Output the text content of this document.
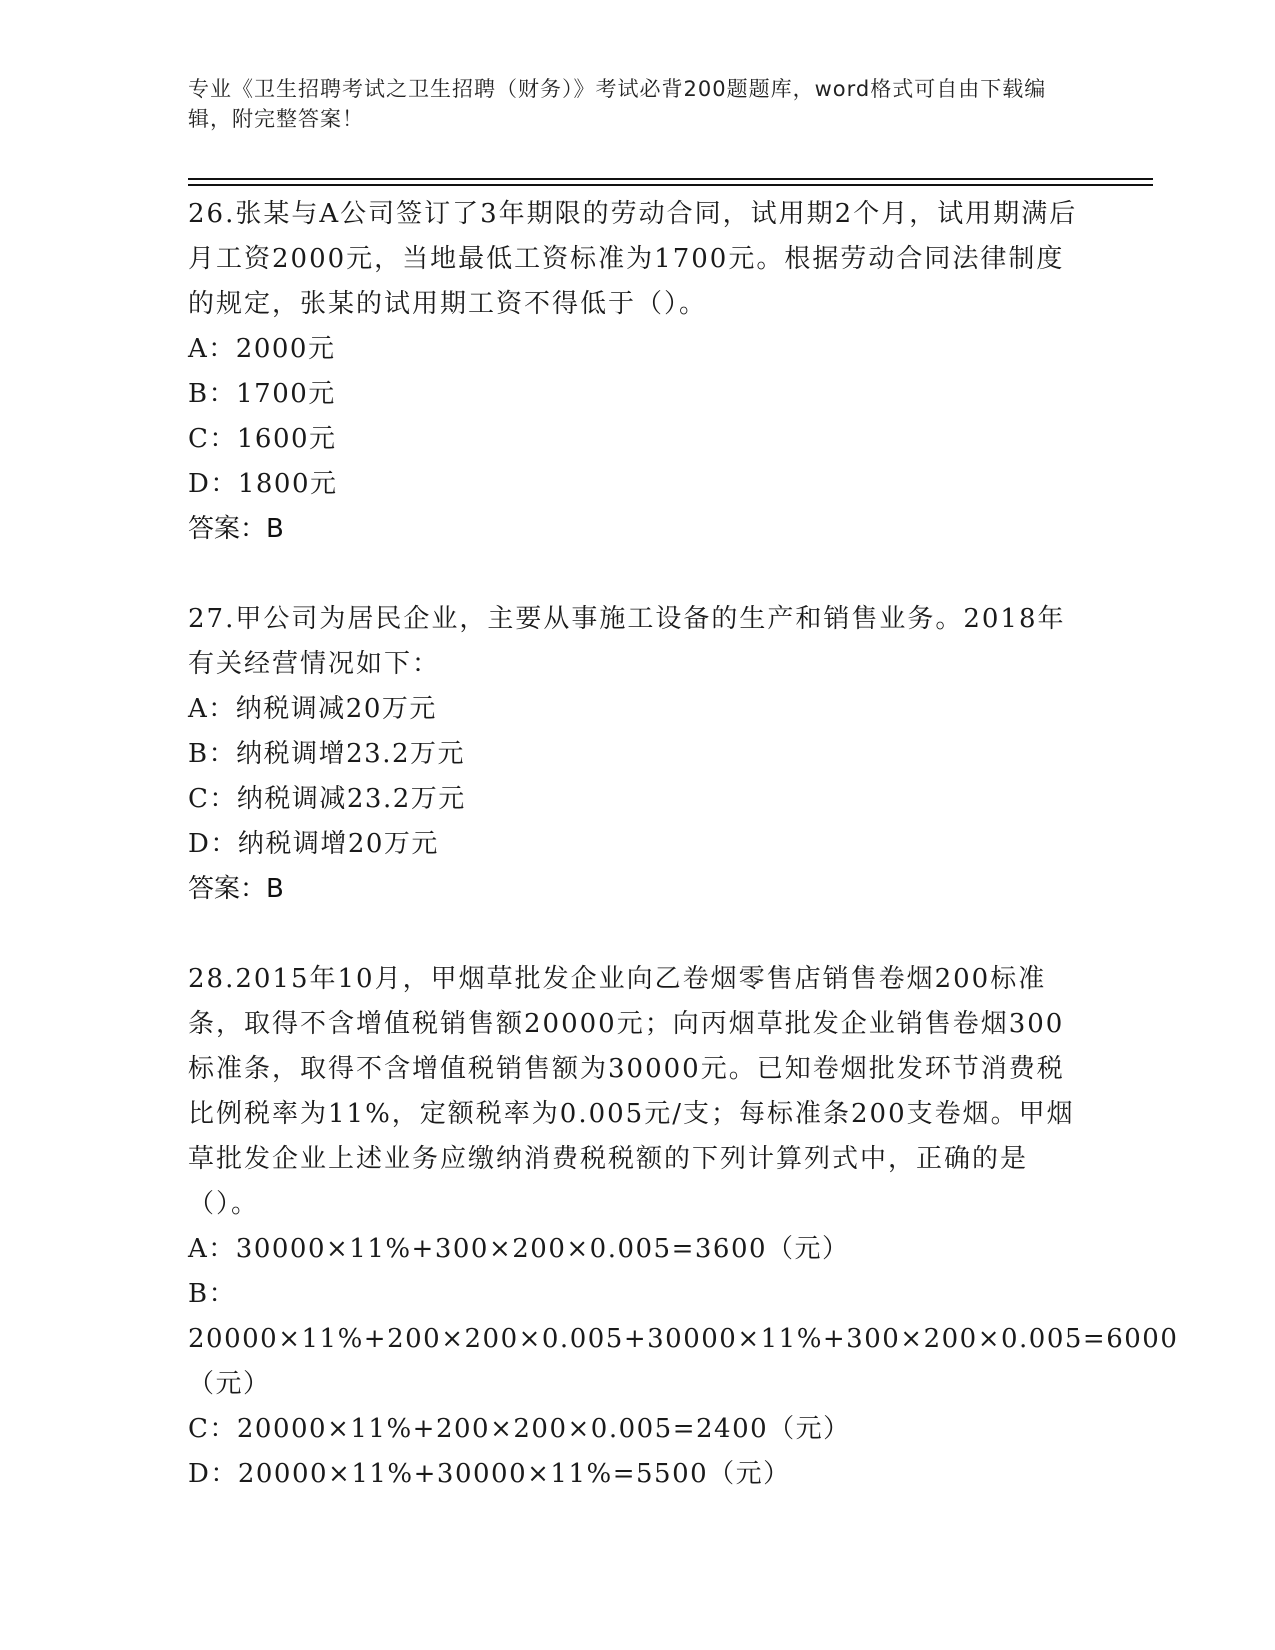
专业《卫生招聘考试之卫生招聘（财务）》考试必背200题题库，word格式可自由下载编辑，附完整答案！

26.张某与A公司签订了3年期限的劳动合同，试用期2个月，试用期满后月工资2000元，当地最低工资标准为1700元。根据劳动合同法律制度的规定，张某的试用期工资不得低于（）。

A：2000元

B：1700元

C：1600元

D：1800元

答案：B

27.甲公司为居民企业，主要从事施工设备的生产和销售业务。2018年有关经营情况如下：

A：纳税调减20万元

B：纳税调增23.2万元

C：纳税调减23.2万元

D：纳税调增20万元

答案：B

28.2015年10月，甲烟草批发企业向乙卷烟零售店销售卷烟200标准条，取得不含增值税销售额20000元；向丙烟草批发企业销售卷烟300标准条，取得不含增值税销售额为30000元。已知卷烟批发环节消费税比例税率为11%，定额税率为0.005元/支；每标准条200支卷烟。甲烟草批发企业上述业务应缴纳消费税税额的下列计算列式中，正确的是（）。

A：30000×11%+300×200×0.005=3600（元）

B：20000×11%+200×200×0.005+30000×11%+300×200×0.005=6000（元）

C：20000×11%+200×200×0.005=2400（元）

D：20000×11%+30000×11%=5500（元）
